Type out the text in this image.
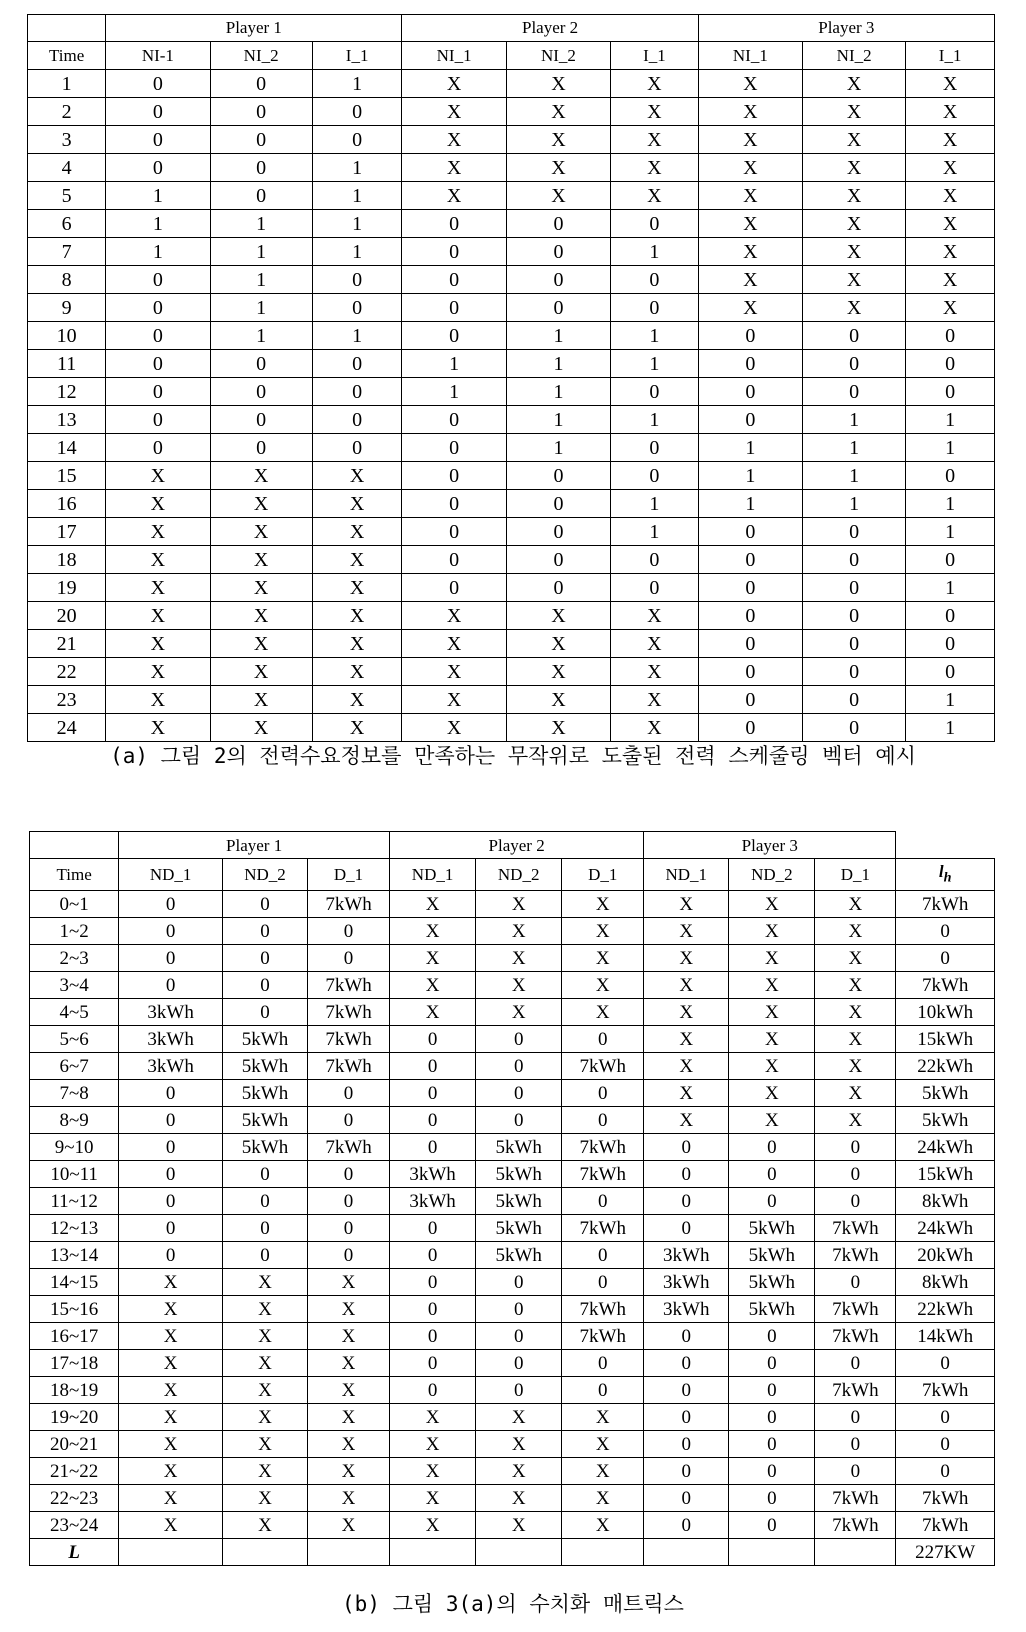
	Player 1			Player 2			Player 3		
Time	NI-1	NI_2	I_1	NI_1	NI_2	I_1	NI_1	NI_2	I_1
1	0	0	1	X	X	X	X	X	X
2	0	0	0	X	X	X	X	X	X
3	0	0	0	X	X	X	X	X	X
4	0	0	1	X	X	X	X	X	X
5	1	0	1	X	X	X	X	X	X
6	1	1	1	0	0	0	X	X	X
7	1	1	1	0	0	1	X	X	X
8	0	1	0	0	0	0	X	X	X
9	0	1	0	0	0	0	X	X	X
10	0	1	1	0	1	1	0	0	0
11	0	0	0	1	1	1	0	0	0
12	0	0	0	1	1	0	0	0	0
13	0	0	0	0	1	1	0	1	1
14	0	0	0	0	1	0	1	1	1
15	X	X	X	0	0	0	1	1	0
16	X	X	X	0	0	1	1	1	1
17	X	X	X	0	0	1	0	0	1
18	X	X	X	0	0	0	0	0	0
19	X	X	X	0	0	0	0	0	1
20	X	X	X	X	X	X	0	0	0
21	X	X	X	X	X	X	0	0	0
22	X	X	X	X	X	X	0	0	0
23	X	X	X	X	X	X	0	0	1
24	X	X	X	X	X	X	0	0	1
(a) 그림 2의 전력수요정보를 만족하는 무작위로 도출된 전력 스케줄링 벡터 예시
	Player 1			Player 2			Player 3			
Time	ND_1	ND_2	D_1	ND_1	ND_2	D_1	ND_1	ND_2	D_1	$l_h$
0~1	0	0	7kWh	X	X	X	X	X	X	7kWh
1~2	0	0	0	X	X	X	X	X	X	0
2~3	0	0	0	X	X	X	X	X	X	0
3~4	0	0	7kWh	X	X	X	X	X	X	7kWh
4~5	3kWh	0	7kWh	X	X	X	X	X	X	10kWh
5~6	3kWh	5kWh	7kWh	0	0	0	X	X	X	15kWh
6~7	3kWh	5kWh	7kWh	0	0	7kWh	X	X	X	22kWh
7~8	0	5kWh	0	0	0	0	X	X	X	5kWh
8~9	0	5kWh	0	0	0	0	X	X	X	5kWh
9~10	0	5kWh	7kWh	0	5kWh	7kWh	0	0	0	24kWh
10~11	0	0	0	3kWh	5kWh	7kWh	0	0	0	15kWh
11~12	0	0	0	3kWh	5kWh	0	0	0	0	8kWh
12~13	0	0	0	0	5kWh	7kWh	0	5kWh	7kWh	24kWh
13~14	0	0	0	0	5kWh	0	3kWh	5kWh	7kWh	20kWh
14~15	X	X	X	0	0	0	3kWh	5kWh	0	8kWh
15~16	X	X	X	0	0	7kWh	3kWh	5kWh	7kWh	22kWh
16~17	X	X	X	0	0	7kWh	0	0	7kWh	14kWh
17~18	X	X	X	0	0	0	0	0	0	0
18~19	X	X	X	0	0	0	0	0	7kWh	7kWh
19~20	X	X	X	X	X	X	0	0	0	0
20~21	X	X	X	X	X	X	0	0	0	0
21~22	X	X	X	X	X	X	0	0	0	0
22~23	X	X	X	X	X	X	0	0	7kWh	7kWh
23~24	X	X	X	X	X	X	0	0	7kWh	7kWh
L										227KW
(b) 그림 3(a)의 수치화 매트릭스
